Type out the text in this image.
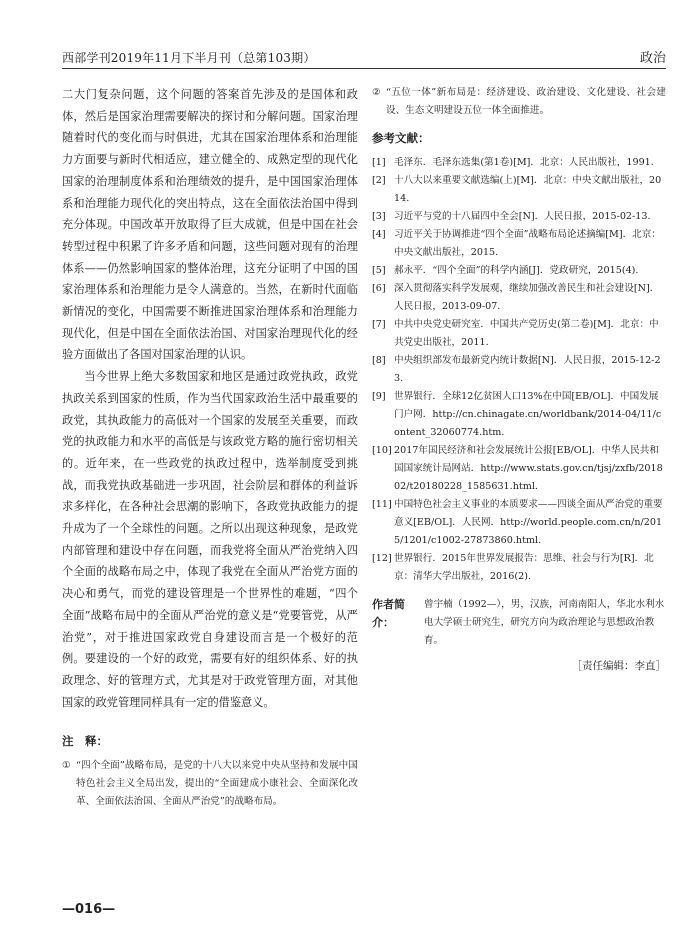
西部学刊2019年11月下半月刊（总第103期）	政治

二大门复杂问题，这个问题的答案首先涉及的是国体和政体，然后是国家治理需要解决的探讨和分解问题。国家治理随着时代的变化而与时俱进，尤其在国家治理体系和治理能力方面要与新时代相适应，建立健全的、成熟定型的现代化国家的治理制度体系和治理绩效的提升，是中国国家治理体系和治理能力现代化的突出特点，这在全面依法治国中得到充分体现。中国改革开放取得了巨大成就，但是中国在社会转型过程中积累了许多矛盾和问题，这些问题对现有的治理体系——仍然影响国家的整体治理，这充分证明了中国的国家治理体系和治理能力是令人满意的。当然，在新时代面临新情况的变化，中国需要不断推进国家治理体系和治理能力现代化，但是中国在全面依法治国、对国家治理现代化的经验方面做出了各国对国家治理的认识。

当今世界上绝大多数国家和地区是通过政党执政，政党执政关系到国家的性质，作为当代国家政治生活中最重要的政党，其执政能力的高低对一个国家的发展至关重要，而政党的执政能力和水平的高低是与该政党方略的施行密切相关的。近年来，在一些政党的执政过程中，选举制度受到挑战，而我党执政基础进一步巩固，社会阶层和群体的利益诉求多样化，在各种社会思潮的影响下，各政党执政能力的提升成为了一个全球性的问题。之所以出现这种现象，是政党内部管理和建设中存在问题，而我党将全面从严治党纳入四个全面的战略布局之中，体现了我党在全面从严治党方面的决心和勇气，而党的建设管理是一个世界性的难题，“四个全面”战略布局中的全面从严治党的意义是“党要管党，从严治党”，对于推进国家政党自身建设而言是一个极好的范例。要建设的一个好的政党，需要有好的组织体系、好的执政理念、好的管理方式，尤其是对于政党管理方面，对其他国家的政党管理同样具有一定的借鉴意义。

注　释：
① “四个全面”战略布局，是党的十八大以来党中央从坚持和发展中国特色社会主义全局出发，提出的“全面建成小康社会、全面深化改革、全面依法治国、全面从严治党”的战略布局。
② “五位一体”新布局是：经济建设、政治建设、文化建设、社会建设、生态文明建设五位一体全面推进。
参考文献：
[1] 毛泽东．毛泽东选集(第1卷)[M]．北京：人民出版社，1991.
[2] 十八大以来重要文献选编(上)[M]．北京：中央文献出版社，2014.
[3] 习近平与党的十八届四中全会[N]．人民日报，2015-02-13.
[4] 习近平关于协调推进“四个全面”战略布局论述摘编[M]．北京：中央文献出版社，2015.
[5] 郝永平．“四个全面”的科学内涵[J]．党政研究，2015(4).
[6] 深入贯彻落实科学发展观，继续加强改善民生和社会建设[N]．人民日报，2013-09-07.
[7] 中共中央党史研究室．中国共产党历史(第二卷)[M]．北京：中共党史出版社，2011.
[8] 中央组织部发布最新党内统计数据[N]．人民日报，2015-12-23.
[9] 世界银行．全球12亿贫困人口13%在中国[EB/OL]．中国发展门户网．http://cn.chinagate.cn/worldbank/2014-04/11/content_32060774.htm.
[10] 2017年国民经济和社会发展统计公报[EB/OL]．中华人民共和国国家统计局网站．http://www.stats.gov.cn/tjsj/zxfb/201802/t20180228_1585631.html.
[11] 中国特色社会主义事业的本质要求——四谈全面从严治党的重要意义[EB/OL]．人民网．http://world.people.com.cn/n/2015/1201/c1002-27873860.html.
[12] 世界银行．2015年世界发展报告：思维、社会与行为[R]．北京：清华大学出版社，2016(2).
作者简介：
曾宇楠（1992—），男，汉族，河南南阳人，华北水利水电大学硕士研究生，研究方向为政治理论与思想政治教育。
［责任编辑：李直］
—016—
